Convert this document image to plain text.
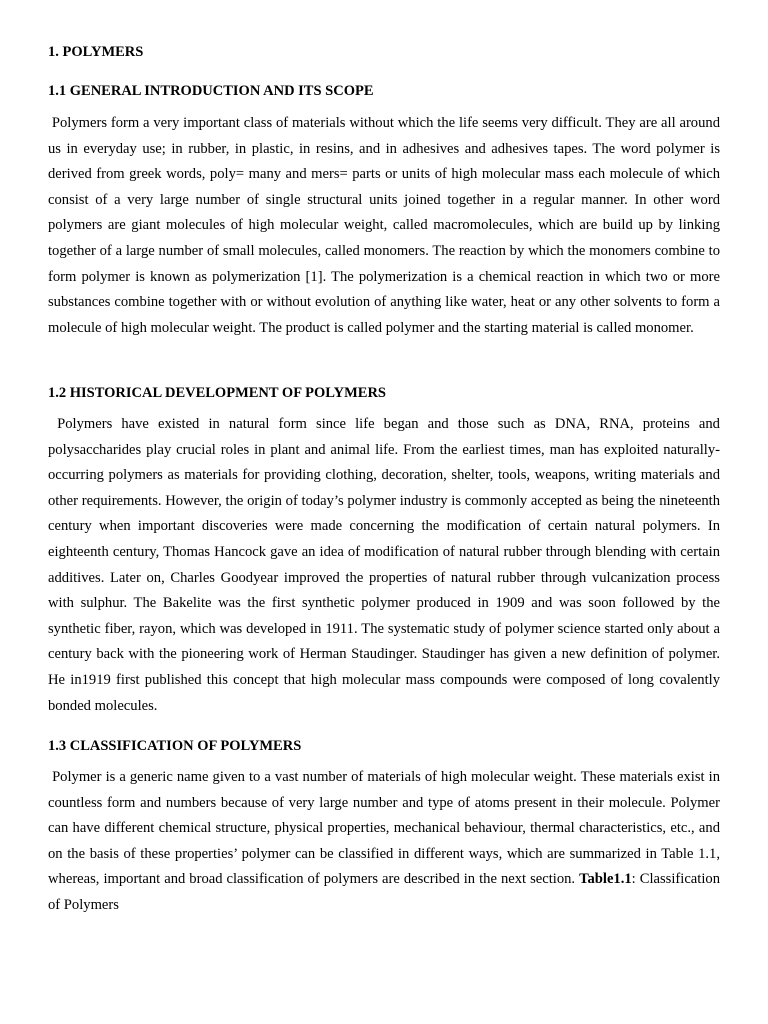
1. POLYMERS
1.1 GENERAL INTRODUCTION AND ITS SCOPE
Polymers form a very important class of materials without which the life seems very difficult. They are all around us in everyday use; in rubber, in plastic, in resins, and in adhesives and adhesives tapes. The word polymer is derived from greek words, poly= many and mers= parts or units of high molecular mass each molecule of which consist of a very large number of single structural units joined together in a regular manner. In other word polymers are giant molecules of high molecular weight, called macromolecules, which are build up by linking together of a large number of small molecules, called monomers. The reaction by which the monomers combine to form polymer is known as polymerization [1]. The polymerization is a chemical reaction in which two or more substances combine together with or without evolution of anything like water, heat or any other solvents to form a molecule of high molecular weight. The product is called polymer and the starting material is called monomer.
1.2 HISTORICAL DEVELOPMENT OF POLYMERS
Polymers have existed in natural form since life began and those such as DNA, RNA, proteins and polysaccharides play crucial roles in plant and animal life. From the earliest times, man has exploited naturally-occurring polymers as materials for providing clothing, decoration, shelter, tools, weapons, writing materials and other requirements. However, the origin of today’s polymer industry is commonly accepted as being the nineteenth century when important discoveries were made concerning the modification of certain natural polymers. In eighteenth century, Thomas Hancock gave an idea of modification of natural rubber through blending with certain additives. Later on, Charles Goodyear improved the properties of natural rubber through vulcanization process with sulphur. The Bakelite was the first synthetic polymer produced in 1909 and was soon followed by the synthetic fiber, rayon, which was developed in 1911. The systematic study of polymer science started only about a century back with the pioneering work of Herman Staudinger. Staudinger has given a new definition of polymer. He in1919 first published this concept that high molecular mass compounds were composed of long covalently bonded molecules.
1.3 CLASSIFICATION OF POLYMERS
Polymer is a generic name given to a vast number of materials of high molecular weight. These materials exist in countless form and numbers because of very large number and type of atoms present in their molecule. Polymer can have different chemical structure, physical properties, mechanical behaviour, thermal characteristics, etc., and on the basis of these properties’ polymer can be classified in different ways, which are summarized in Table 1.1, whereas, important and broad classification of polymers are described in the next section. Table1.1: Classification of Polymers
